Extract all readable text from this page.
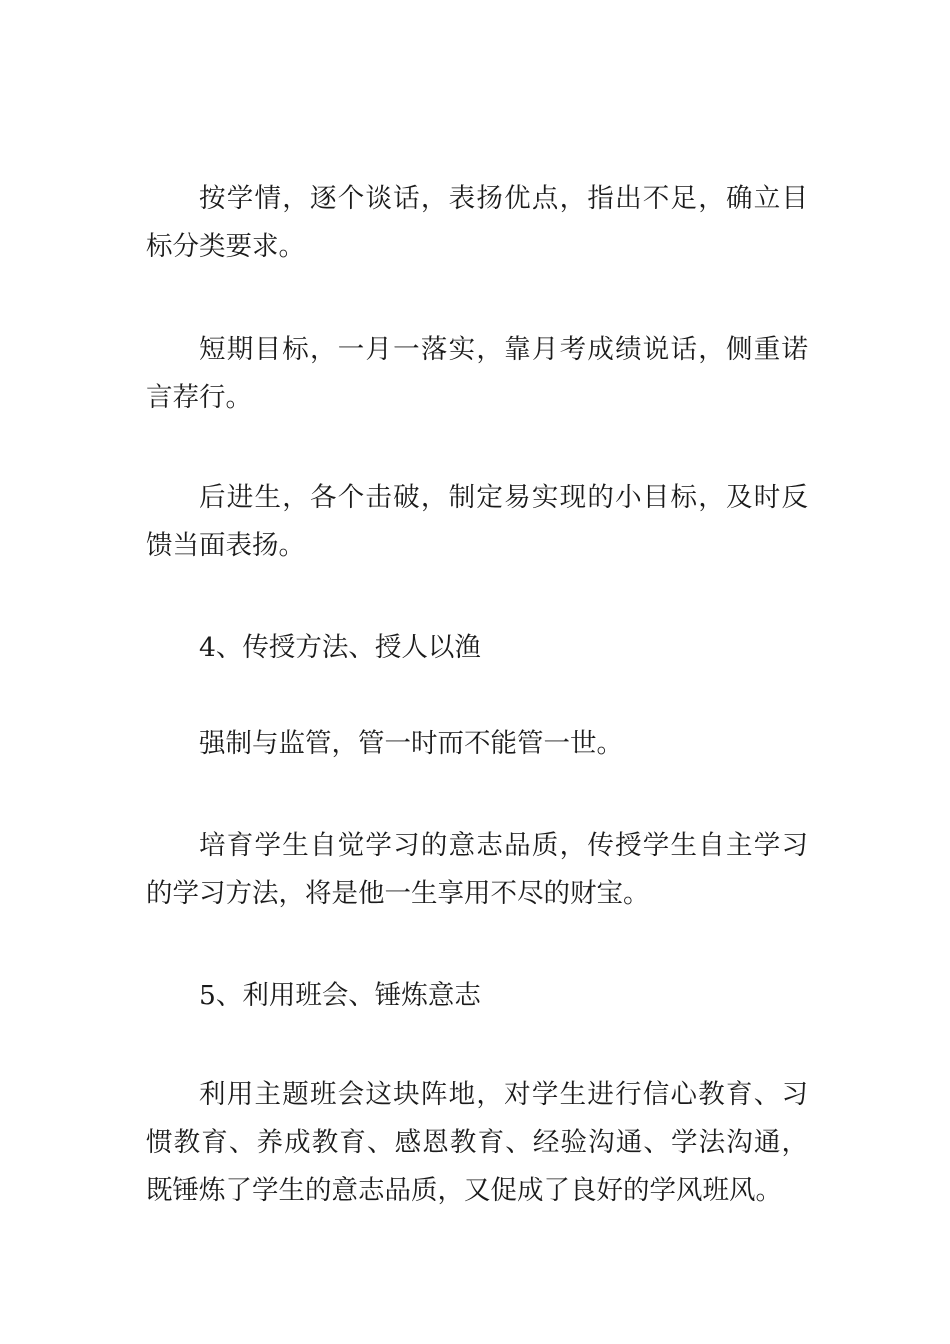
按学情，逐个谈话，表扬优点，指出不足，确立目标分类要求。

短期目标，一月一落实，靠月考成绩说话，侧重诺言荐行。

后进生，各个击破，制定易实现的小目标，及时反馈当面表扬。

4、传授方法、授人以渔

强制与监管，管一时而不能管一世。

培育学生自觉学习的意志品质，传授学生自主学习的学习方法，将是他一生享用不尽的财宝。

5、利用班会、锤炼意志

利用主题班会这块阵地，对学生进行信心教育、习惯教育、养成教育、感恩教育、经验沟通、学法沟通，既锤炼了学生的意志品质，又促成了良好的学风班风。
